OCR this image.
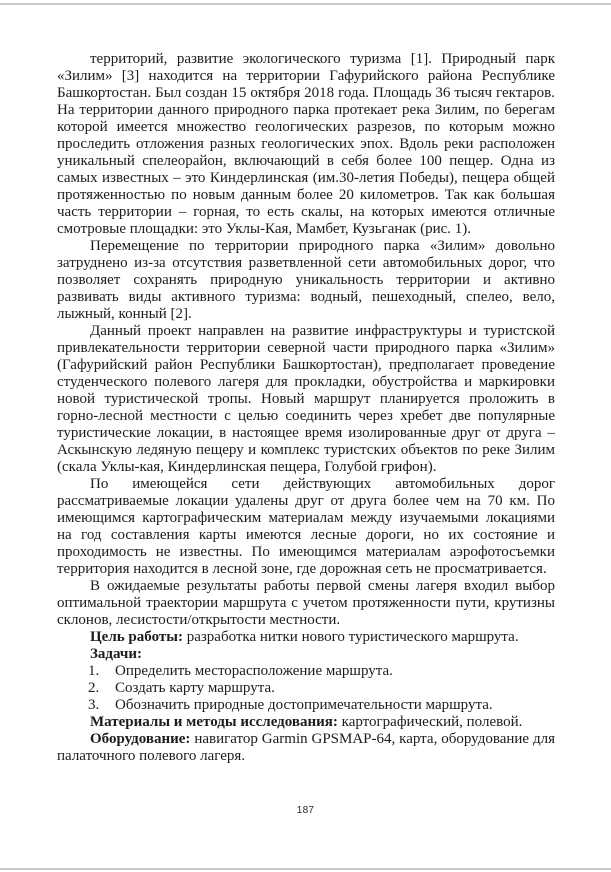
территорий, развитие экологического туризма [1]. Природный парк «Зилим» [3] находится на территории Гафурийского района Республике Башкортостан. Был создан 15 октября 2018 года. Площадь 36 тысяч гектаров. На территории данного природного парка протекает река Зилим, по берегам которой имеется множество геологических разрезов, по которым можно проследить отложения разных геологических эпох. Вдоль реки расположен уникальный спелеорайон, включающий в себя более 100 пещер. Одна из самых известных – это Киндерлинская (им.30-летия Победы), пещера общей протяженностью по новым данным более 20 километров. Так как большая часть территории – горная, то есть скалы, на которых имеются отличные смотровые площадки: это Уклы-Кая, Мамбет, Кузьганак (рис. 1).

Перемещение по территории природного парка «Зилим» довольно затруднено из-за отсутствия разветвленной сети автомобильных дорог, что позволяет сохранять природную уникальность территории и активно развивать виды активного туризма: водный, пешеходный, спелео, вело, лыжный, конный [2].

Данный проект направлен на развитие инфраструктуры и туристской привлекательности территории северной части природного парка «Зилим» (Гафурийский район Республики Башкортостан), предполагает проведение студенческого полевого лагеря для прокладки, обустройства и маркировки новой туристической тропы. Новый маршрут планируется проложить в горно-лесной местности с целью соединить через хребет две популярные туристические локации, в настоящее время изолированные друг от друга – Аскынскую ледяную пещеру и комплекс туристских объектов по реке Зилим (скала Уклы-кая, Киндерлинская пещера, Голубой грифон).

По имеющейся сети действующих автомобильных дорог рассматриваемые локации удалены друг от друга более чем на 70 км. По имеющимся картографическим материалам между изучаемыми локациями на год составления карты имеются лесные дороги, но их состояние и проходимость не известны. По имеющимся материалам аэрофотосъемки территория находится в лесной зоне, где дорожная сеть не просматривается.

В ожидаемые результаты работы первой смены лагеря входил выбор оптимальной траектории маршрута с учетом протяженности пути, крутизны склонов, лесистости/открытости местности.

Цель работы: разработка нитки нового туристического маршрута.

Задачи:

1. Определить месторасположение маршрута.
2. Создать карту маршрута.
3. Обозначить природные достопримечательности маршрута.

Материалы и методы исследования: картографический, полевой.

Оборудование: навигатор Garmin GPSMAP-64, карта, оборудование для палаточного полевого лагеря.

187
